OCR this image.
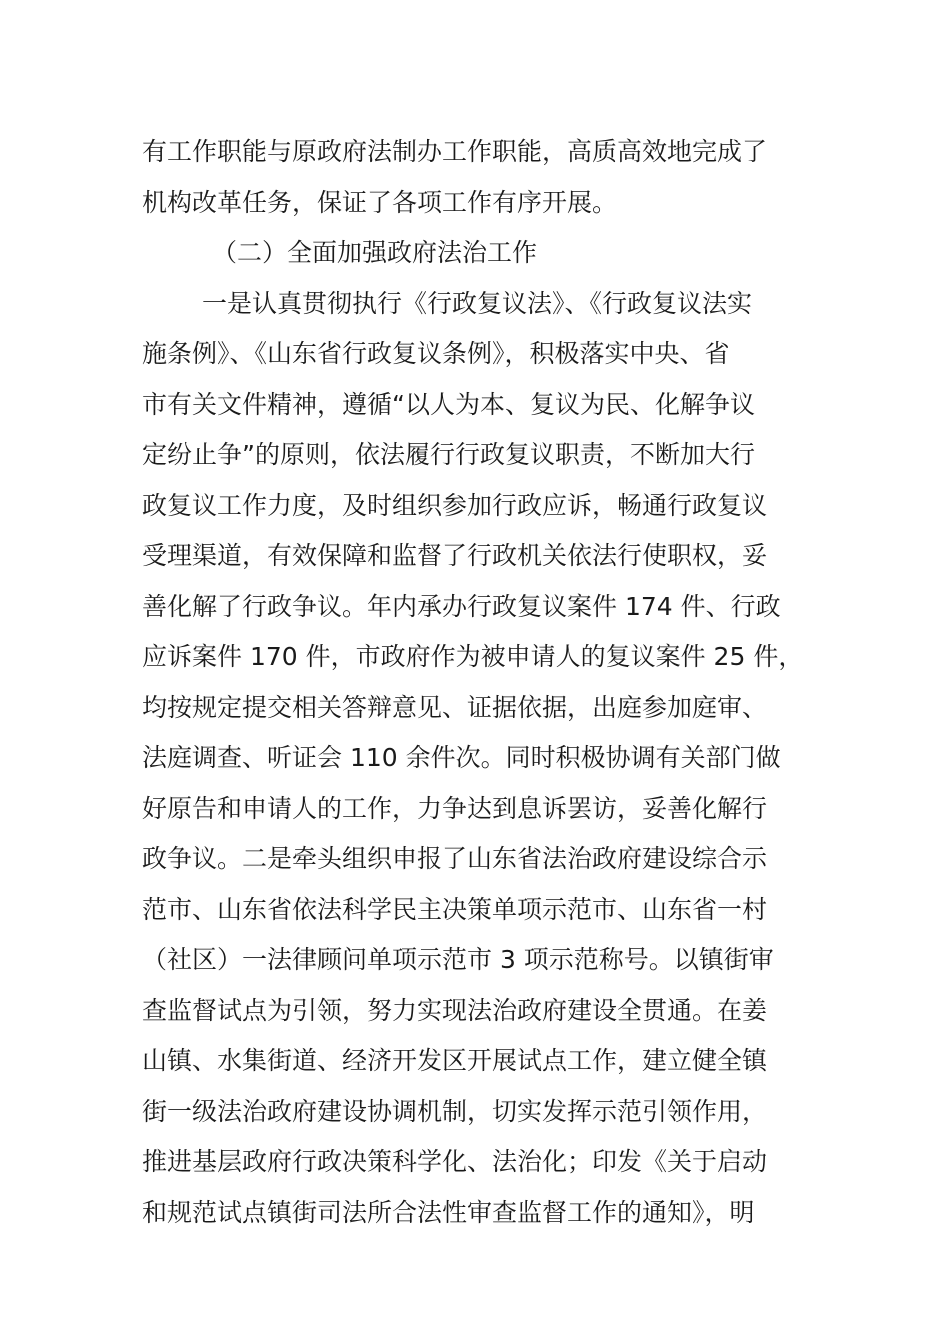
有工作职能与原政府法制办工作职能，高质高效地完成了
机构改革任务，保证了各项工作有序开展。
（二）全面加强政府法治工作
一是认真贯彻执行《行政复议法》、《行政复议法实
施条例》、《山东省行政复议条例》，积极落实中央、省
市有关文件精神，遵循“以人为本、复议为民、化解争议
定纷止争”的原则，依法履行行政复议职责，不断加大行
政复议工作力度，及时组织参加行政应诉，畅通行政复议
受理渠道，有效保障和监督了行政机关依法行使职权，妥
善化解了行政争议。年内承办行政复议案件 174 件、行政
应诉案件 170 件，市政府作为被申请人的复议案件 25 件，
均按规定提交相关答辩意见、证据依据，出庭参加庭审、
法庭调查、听证会 110 余件次。同时积极协调有关部门做
好原告和申请人的工作，力争达到息诉罢访，妥善化解行
政争议。二是牵头组织申报了山东省法治政府建设综合示
范市、山东省依法科学民主决策单项示范市、山东省一村
（社区）一法律顾问单项示范市 3 项示范称号。以镇街审
查监督试点为引领，努力实现法治政府建设全贯通。在姜
山镇、水集街道、经济开发区开展试点工作，建立健全镇
街一级法治政府建设协调机制，切实发挥示范引领作用，
推进基层政府行政决策科学化、法治化；印发《关于启动
和规范试点镇街司法所合法性审查监督工作的通知》，明
